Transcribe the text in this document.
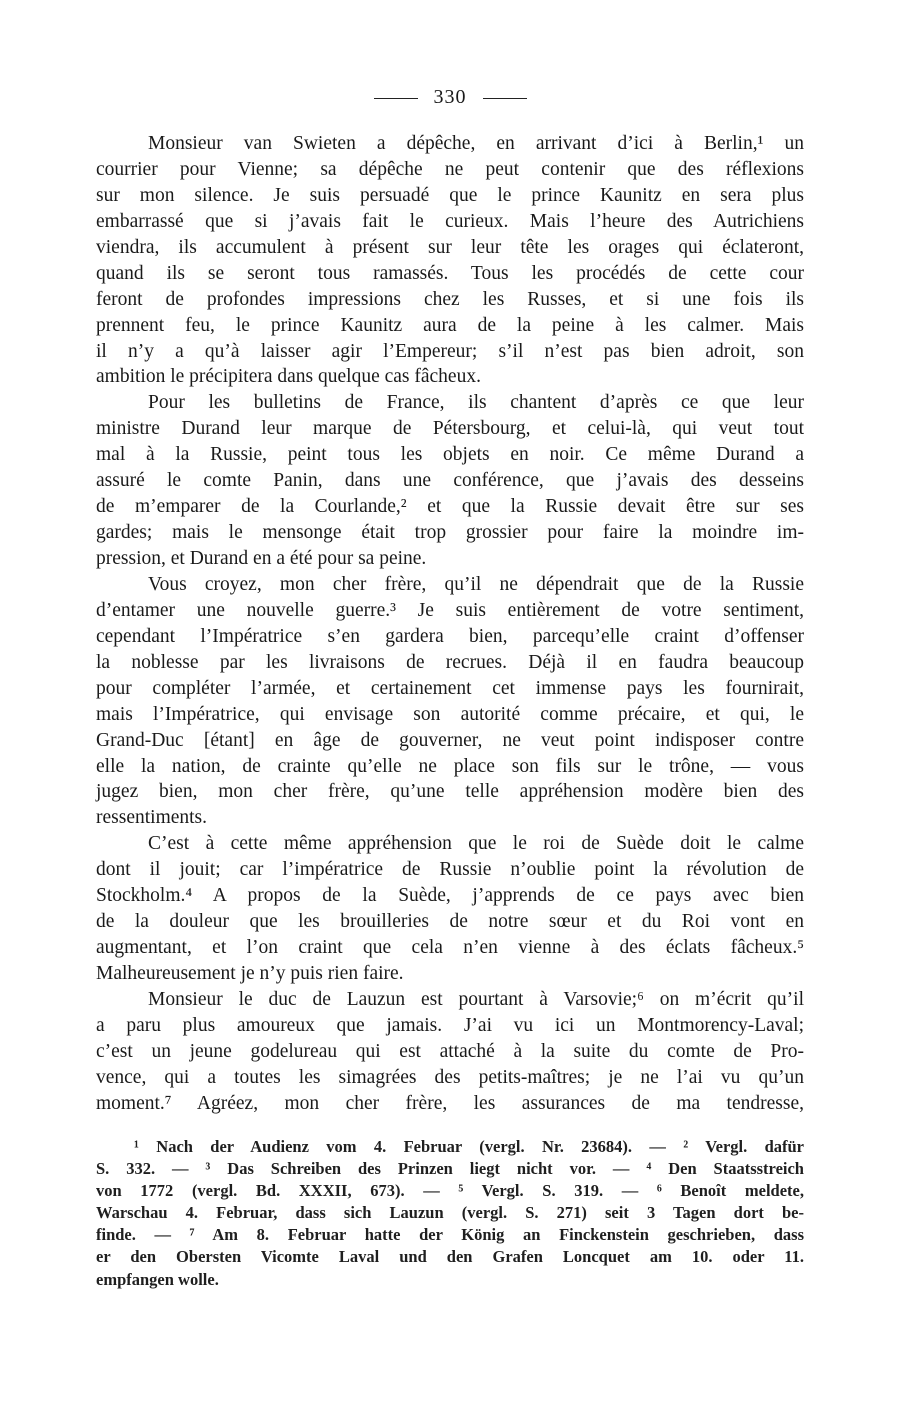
330
Monsieur van Swieten a dépêche, en arrivant d’ici à Berlin,¹ un
courrier pour Vienne; sa dépêche ne peut contenir que des réflexions
sur mon silence. Je suis persuadé que le prince Kaunitz en sera plus
embarrassé que si j’avais fait le curieux. Mais l’heure des Autrichiens
viendra, ils accumulent à présent sur leur tête les orages qui éclateront,
quand ils se seront tous ramassés. Tous les procédés de cette cour
feront de profondes impressions chez les Russes, et si une fois ils
prennent feu, le prince Kaunitz aura de la peine à les calmer. Mais
il n’y a qu’à laisser agir l’Empereur; s’il n’est pas bien adroit, son
ambition le précipitera dans quelque cas fâcheux.
Pour les bulletins de France, ils chantent d’après ce que leur
ministre Durand leur marque de Pétersbourg, et celui-là, qui veut tout
mal à la Russie, peint tous les objets en noir. Ce même Durand a
assuré le comte Panin, dans une conférence, que j’avais des desseins
de m’emparer de la Courlande,² et que la Russie devait être sur ses
gardes; mais le mensonge était trop grossier pour faire la moindre im-
pression, et Durand en a été pour sa peine.
Vous croyez, mon cher frère, qu’il ne dépendrait que de la Russie
d’entamer une nouvelle guerre.³ Je suis entièrement de votre sentiment,
cependant l’Impératrice s’en gardera bien, parcequ’elle craint d’offenser
la noblesse par les livraisons de recrues. Déjà il en faudra beaucoup
pour compléter l’armée, et certainement cet immense pays les fournirait,
mais l’Impératrice, qui envisage son autorité comme précaire, et qui, le
Grand-Duc [étant] en âge de gouverner, ne veut point indisposer contre
elle la nation, de crainte qu’elle ne place son fils sur le trône, — vous
jugez bien, mon cher frère, qu’une telle appréhension modère bien des
ressentiments.
C’est à cette même appréhension que le roi de Suède doit le calme
dont il jouit; car l’impératrice de Russie n’oublie point la révolution de
Stockholm.⁴ A propos de la Suède, j’apprends de ce pays avec bien
de la douleur que les brouilleries de notre sœur et du Roi vont en
augmentant, et l’on craint que cela n’en vienne à des éclats fâcheux.⁵
Malheureusement je n’y puis rien faire.
Monsieur le duc de Lauzun est pourtant à Varsovie;⁶ on m’écrit qu’il
a paru plus amoureux que jamais. J’ai vu ici un Montmorency-Laval;
c’est un jeune godelureau qui est attaché à la suite du comte de Pro-
vence, qui a toutes les simagrées des petits-maîtres; je ne l’ai vu qu’un
moment.⁷ Agréez, mon cher frère, les assurances de ma tendresse,
¹ Nach der Audienz vom 4. Februar (vergl. Nr. 23684). — ² Vergl. dafür
S. 332. — ³ Das Schreiben des Prinzen liegt nicht vor. — ⁴ Den Staatsstreich
von 1772 (vergl. Bd. XXXII, 673). — ⁵ Vergl. S. 319. — ⁶ Benoît meldete,
Warschau 4. Februar, dass sich Lauzun (vergl. S. 271) seit 3 Tagen dort be-
finde. — ⁷ Am 8. Februar hatte der König an Finckenstein geschrieben, dass
er den Obersten Vicomte Laval und den Grafen Loncquet am 10. oder 11.
empfangen wolle.
